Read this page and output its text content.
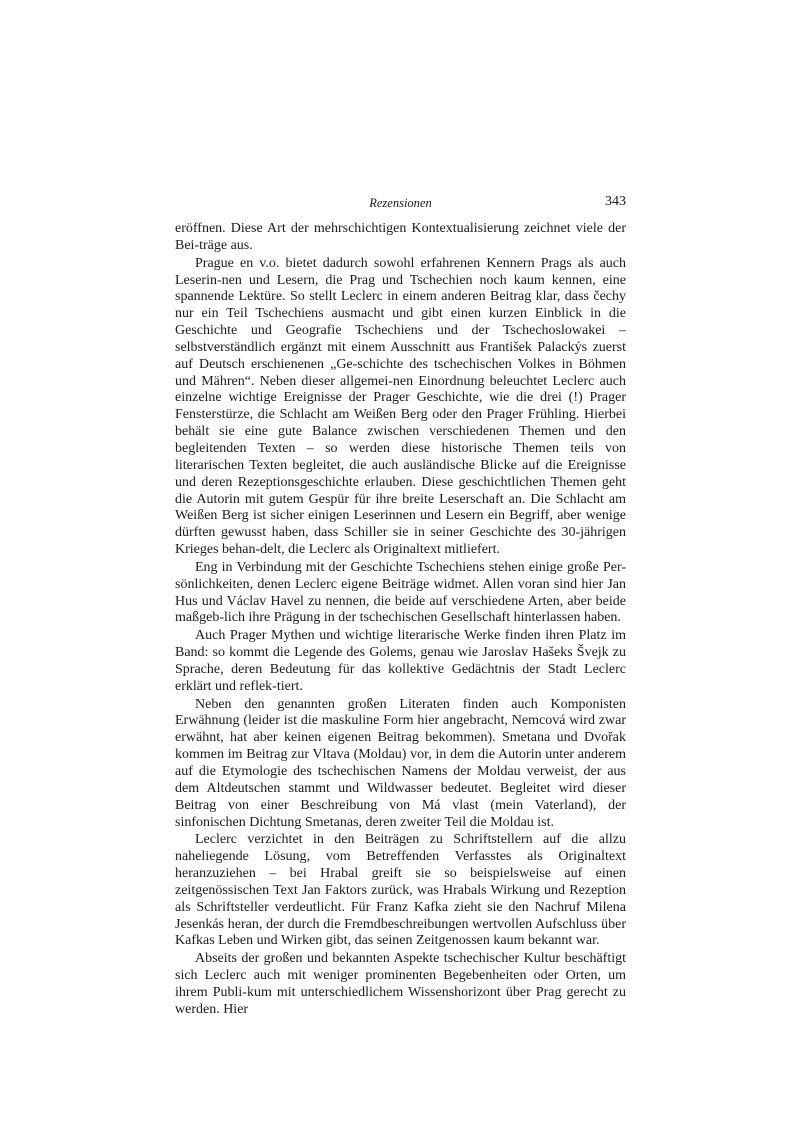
Rezensionen	343

eröffnen. Diese Art der mehrschichtigen Kontextualisierung zeichnet viele der Bei-träge aus.

Prague en v.o. bietet dadurch sowohl erfahrenen Kennern Prags als auch Leserin-nen und Lesern, die Prag und Tschechien noch kaum kennen, eine spannende Lektüre. So stellt Leclerc in einem anderen Beitrag klar, dass čechy nur ein Teil Tschechiens ausmacht und gibt einen kurzen Einblick in die Geschichte und Geografie Tschechiens und der Tschechoslowakei – selbstverständlich ergänzt mit einem Ausschnitt aus František Palackýs zuerst auf Deutsch erschienenen „Ge-schichte des tschechischen Volkes in Böhmen und Mähren“. Neben dieser allgemei-nen Einordnung beleuchtet Leclerc auch einzelne wichtige Ereignisse der Prager Geschichte, wie die drei (!) Prager Fensterstürze, die Schlacht am Weißen Berg oder den Prager Frühling. Hierbei behält sie eine gute Balance zwischen verschiedenen Themen und den begleitenden Texten – so werden diese historische Themen teils von literarischen Texten begleitet, die auch ausländische Blicke auf die Ereignisse und deren Rezeptionsgeschichte erlauben. Diese geschichtlichen Themen geht die Autorin mit gutem Gespür für ihre breite Leserschaft an. Die Schlacht am Weißen Berg ist sicher einigen Leserinnen und Lesern ein Begriff, aber wenige dürften gewusst haben, dass Schiller sie in seiner Geschichte des 30-jährigen Krieges behan-delt, die Leclerc als Originaltext mitliefert.

Eng in Verbindung mit der Geschichte Tschechiens stehen einige große Per-sönlichkeiten, denen Leclerc eigene Beiträge widmet. Allen voran sind hier Jan Hus und Václav Havel zu nennen, die beide auf verschiedene Arten, aber beide maßgeb-lich ihre Prägung in der tschechischen Gesellschaft hinterlassen haben.

Auch Prager Mythen und wichtige literarische Werke finden ihren Platz im Band: so kommt die Legende des Golems, genau wie Jaroslav Hašeks Švejk zu Sprache, deren Bedeutung für das kollektive Gedächtnis der Stadt Leclerc erklärt und reflek-tiert.

Neben den genannten großen Literaten finden auch Komponisten Erwähnung (leider ist die maskuline Form hier angebracht, Nemcová wird zwar erwähnt, hat aber keinen eigenen Beitrag bekommen). Smetana und Dvořak kommen im Beitrag zur Vltava (Moldau) vor, in dem die Autorin unter anderem auf die Etymologie des tschechischen Namens der Moldau verweist, der aus dem Altdeutschen stammt und Wildwasser bedeutet. Begleitet wird dieser Beitrag von einer Beschreibung von Má vlast (mein Vaterland), der sinfonischen Dichtung Smetanas, deren zweiter Teil die Moldau ist.

Leclerc verzichtet in den Beiträgen zu Schriftstellern auf die allzu naheliegende Lösung, vom Betreffenden Verfasstes als Originaltext heranzuziehen – bei Hrabal greift sie so beispielsweise auf einen zeitgenössischen Text Jan Faktors zurück, was Hrabals Wirkung und Rezeption als Schriftsteller verdeutlicht. Für Franz Kafka zieht sie den Nachruf Milena Jesenkás heran, der durch die Fremdbeschreibungen wertvollen Aufschluss über Kafkas Leben und Wirken gibt, das seinen Zeitgenossen kaum bekannt war.

Abseits der großen und bekannten Aspekte tschechischer Kultur beschäftigt sich Leclerc auch mit weniger prominenten Begebenheiten oder Orten, um ihrem Publi-kum mit unterschiedlichem Wissenshorizont über Prag gerecht zu werden. Hier
